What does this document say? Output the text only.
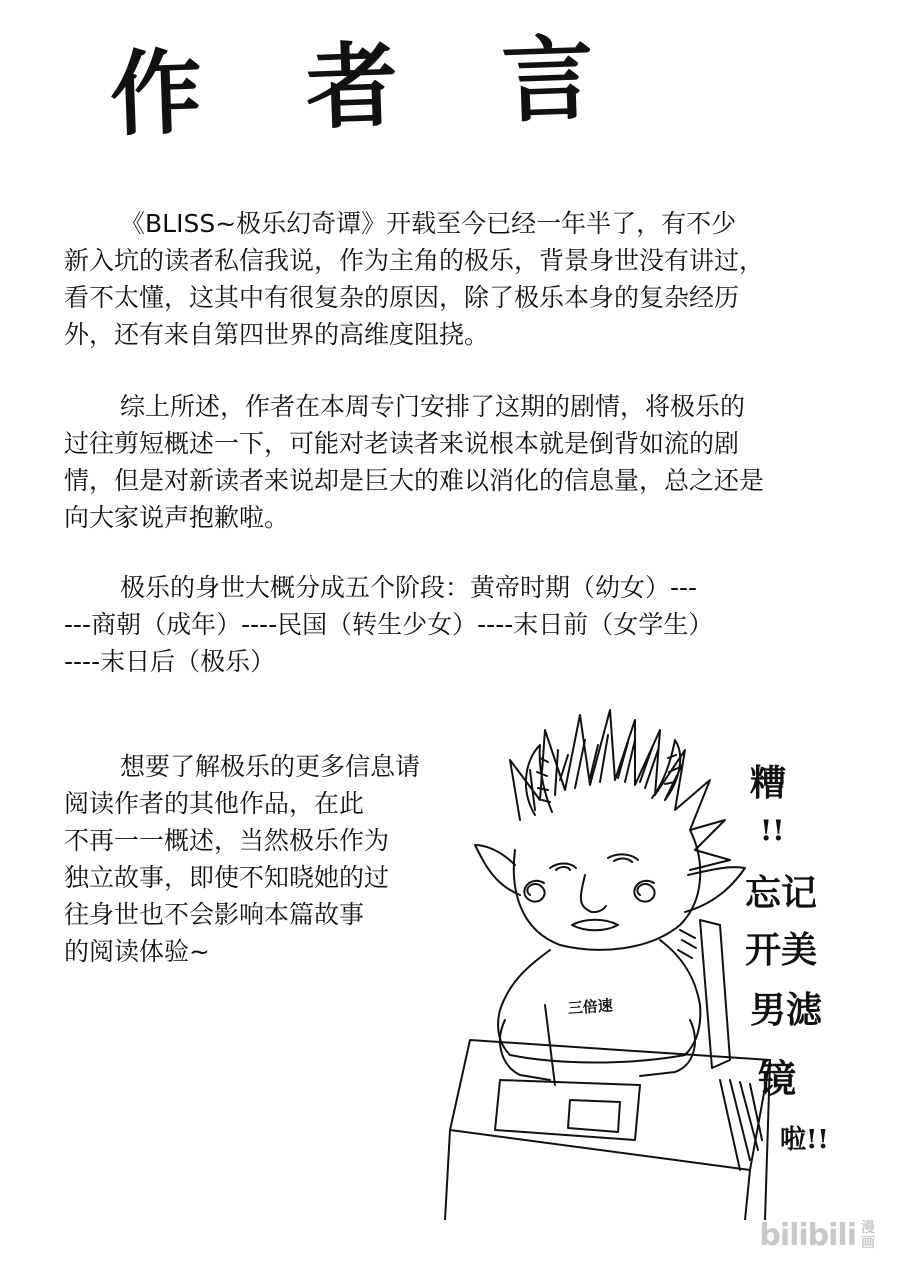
作 者 言
《BLISS~极乐幻奇谭》开载至今已经一年半了，有不少
新入坑的读者私信我说，作为主角的极乐，背景身世没有讲过，
看不太懂，这其中有很复杂的原因，除了极乐本身的复杂经历
外，还有来自第四世界的高维度阻挠。
综上所述，作者在本周专门安排了这期的剧情，将极乐的
过往剪短概述一下，可能对老读者来说根本就是倒背如流的剧
情，但是对新读者来说却是巨大的难以消化的信息量，总之还是
向大家说声抱歉啦。
极乐的身世大概分成五个阶段：黄帝时期（幼女）---
---商朝（成年）----民国（转生少女）----末日前（女学生）
----末日后（极乐）
想要了解极乐的更多信息请
阅读作者的其他作品，在此
不再一一概述，当然极乐作为
独立故事，即使不知晓她的过
往身世也不会影响本篇故事
的阅读体验~
三倍速
糟
!!
忘记
开美
男滤
镜
啦!!
bilibili 漫画
